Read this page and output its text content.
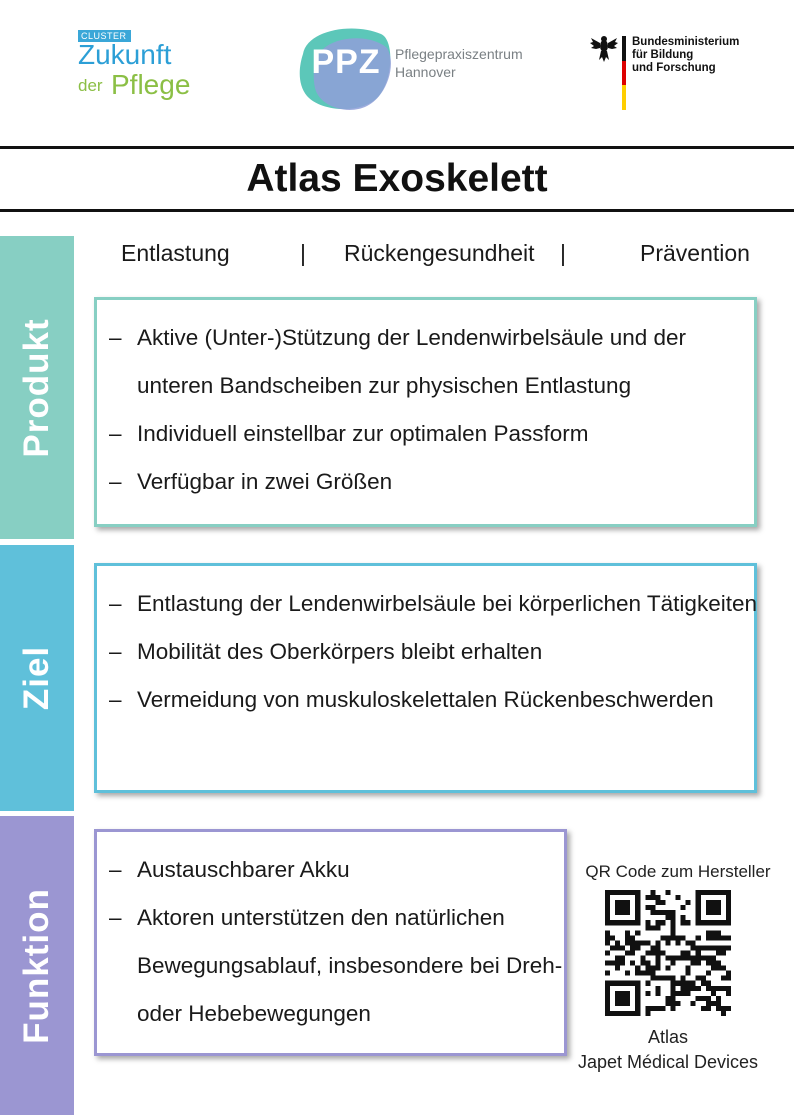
CLUSTER
Zukunft
der Pflege
PPZ	Pflegepraxiszentrum
Hannover
Bundesministerium
für Bildung
und Forschung
Atlas Exoskelett
Produkt
Ziel
Funktion
Entlastung	| Rückengesundheit |	Prävention
– Aktive (Unter-)Stützung der Lendenwirbelsäule und der
unteren Bandscheiben zur physischen Entlastung
– Individuell einstellbar zur optimalen Passform
– Verfügbar in zwei Größen
– Entlastung der Lendenwirbelsäule bei körperlichen Tätigkeiten
– Mobilität des Oberkörpers bleibt erhalten
– Vermeidung von muskuloskelettalen Rückenbeschwerden
– Austauschbarer Akku
– Aktoren unterstützen den natürlichen
Bewegungsablauf, insbesondere bei Dreh-
oder Hebebewegungen
QR Code zum Hersteller
Atlas
Japet Médical Devices
